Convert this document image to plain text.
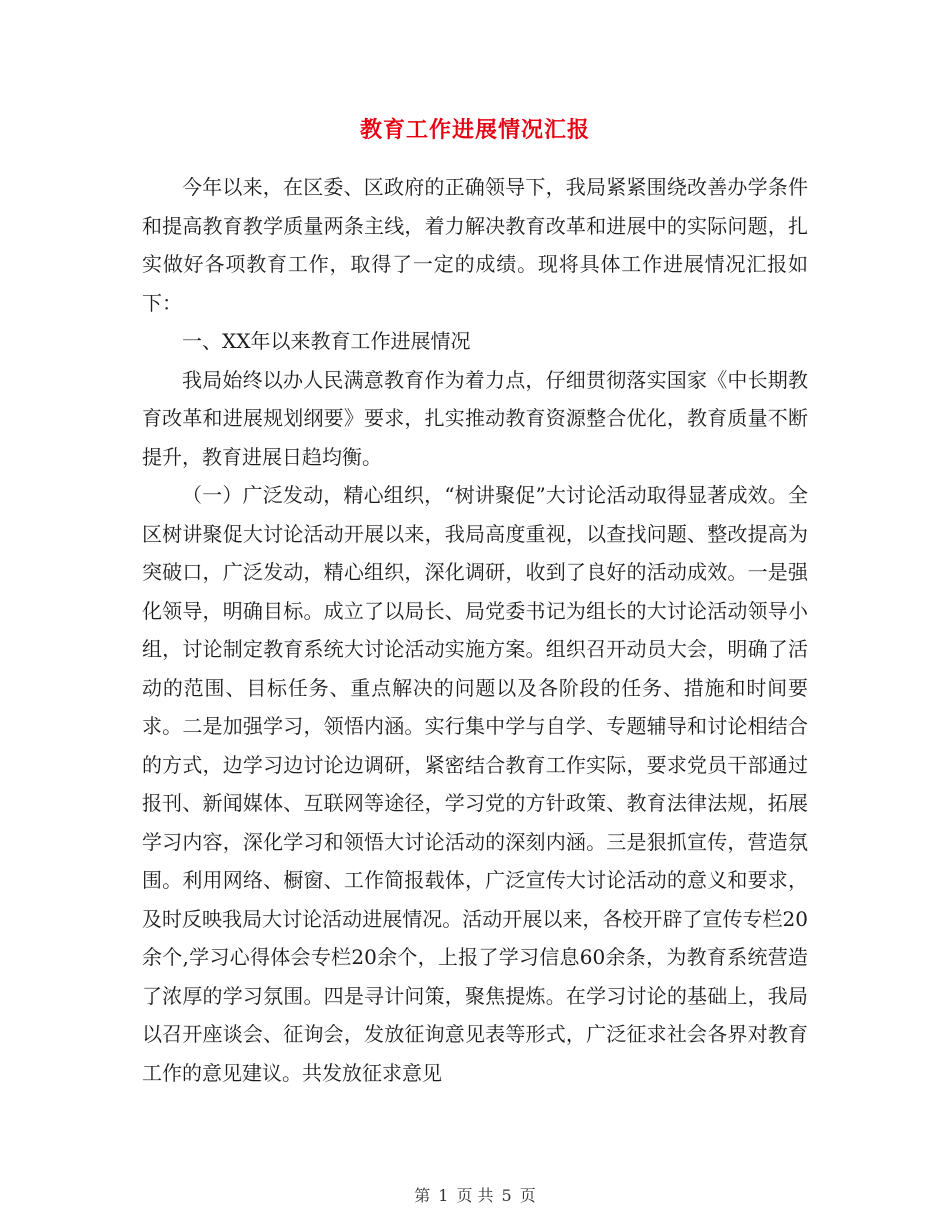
教育工作进展情况汇报

今年以来，在区委、区政府的正确领导下，我局紧紧围绕改善办学条件和提高教育教学质量两条主线，着力解决教育改革和进展中的实际问题，扎实做好各项教育工作，取得了一定的成绩。现将具体工作进展情况汇报如下：

一、XX年以来教育工作进展情况

我局始终以办人民满意教育作为着力点，仔细贯彻落实国家《中长期教育改革和进展规划纲要》要求，扎实推动教育资源整合优化，教育质量不断提升，教育进展日趋均衡。

（一）广泛发动，精心组织，“树讲聚促”大讨论活动取得显著成效。全区树讲聚促大讨论活动开展以来，我局高度重视，以查找问题、整改提高为突破口，广泛发动，精心组织，深化调研，收到了良好的活动成效。一是强化领导，明确目标。成立了以局长、局党委书记为组长的大讨论活动领导小组，讨论制定教育系统大讨论活动实施方案。组织召开动员大会，明确了活动的范围、目标任务、重点解决的问题以及各阶段的任务、措施和时间要求。二是加强学习，领悟内涵。实行集中学与自学、专题辅导和讨论相结合的方式，边学习边讨论边调研，紧密结合教育工作实际，要求党员干部通过报刊、新闻媒体、互联网等途径，学习党的方针政策、教育法律法规，拓展学习内容，深化学习和领悟大讨论活动的深刻内涵。三是狠抓宣传，营造氛围。利用网络、橱窗、工作简报载体，广泛宣传大讨论活动的意义和要求，及时反映我局大讨论活动进展情况。活动开展以来，各校开辟了宣传专栏20余个,学习心得体会专栏20余个，上报了学习信息60余条，为教育系统营造了浓厚的学习氛围。四是寻计问策，聚焦提炼。在学习讨论的基础上，我局以召开座谈会、征询会，发放征询意见表等形式，广泛征求社会各界对教育工作的意见建议。共发放征求意见

第 1 页 共 5 页
